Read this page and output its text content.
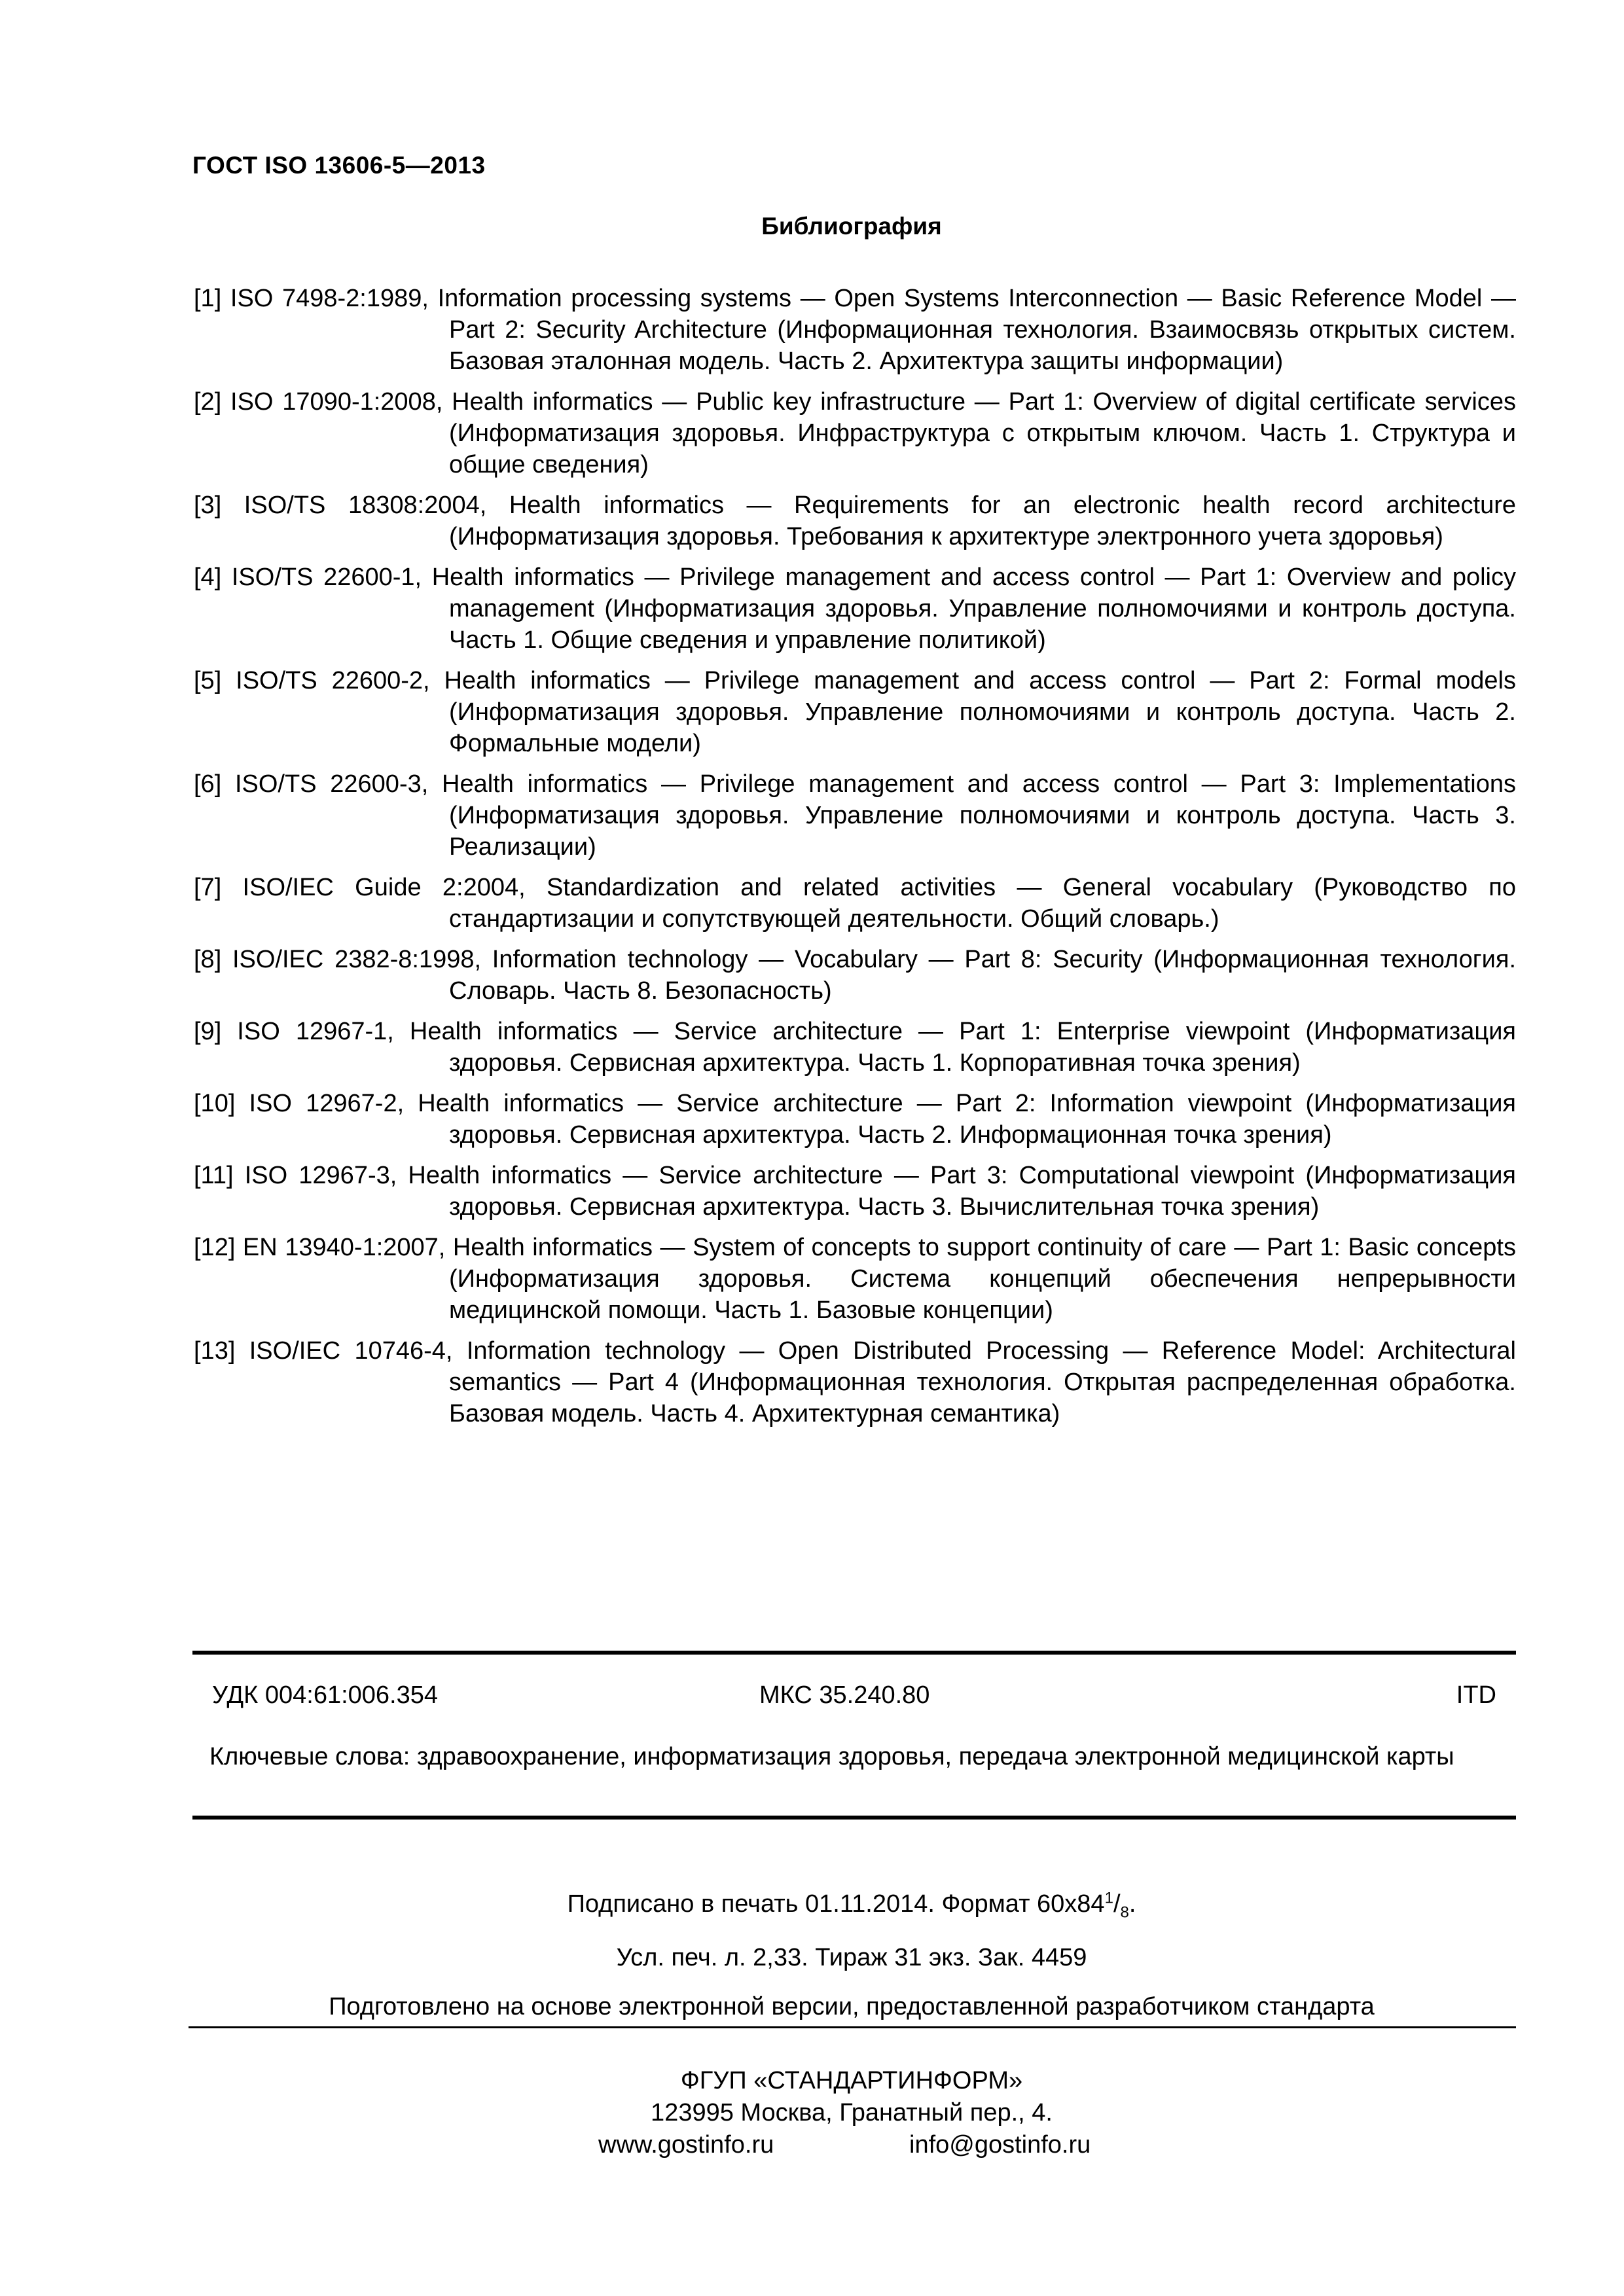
ГОСТ ISO 13606-5—2013
Библиография
[1] ISO 7498-2:1989, Information processing systems — Open Systems Interconnection — Basic Reference Model — Part 2: Security Architecture (Информационная технология. Взаимосвязь открытых систем. Базовая эталонная модель. Часть 2. Архитектура защиты информации)
[2] ISO 17090-1:2008, Health informatics — Public key infrastructure — Part 1: Overview of digital certificate services (Информатизация здоровья. Инфраструктура с открытым ключом. Часть 1. Структура и общие сведения)
[3] ISO/TS 18308:2004, Health informatics — Requirements for an electronic health record architecture (Информатизация здоровья. Требования к архитектуре электронного учета здоровья)
[4] ISO/TS 22600-1, Health informatics — Privilege management and access control — Part 1: Overview and policy management (Информатизация здоровья. Управление полномочиями и контроль доступа. Часть 1. Общие сведения и управление политикой)
[5] ISO/TS 22600-2, Health informatics — Privilege management and access control — Part 2: Formal models (Информатизация здоровья. Управление полномочиями и контроль доступа. Часть 2. Формальные модели)
[6] ISO/TS 22600-3, Health informatics — Privilege management and access control — Part 3: Implementations (Информатизация здоровья. Управление полномочиями и контроль доступа. Часть 3. Реализации)
[7] ISO/IEC Guide 2:2004, Standardization and related activities — General vocabulary (Руководство по стандартизации и сопутствующей деятельности. Общий словарь.)
[8] ISO/IEC 2382-8:1998, Information technology — Vocabulary — Part 8: Security (Информационная технология. Словарь. Часть 8. Безопасность)
[9] ISO 12967-1, Health informatics — Service architecture — Part 1: Enterprise viewpoint (Информатизация здоровья. Сервисная архитектура. Часть 1. Корпоративная точка зрения)
[10] ISO 12967-2, Health informatics — Service architecture — Part 2: Information viewpoint (Информатизация здоровья. Сервисная архитектура. Часть 2. Информационная точка зрения)
[11] ISO 12967-3, Health informatics — Service architecture — Part 3: Computational viewpoint (Информатизация здоровья. Сервисная архитектура. Часть 3. Вычислительная точка зрения)
[12] EN 13940-1:2007, Health informatics — System of concepts to support continuity of care — Part 1: Basic concepts (Информатизация здоровья. Система концепций обеспечения непрерывности медицинской помощи. Часть 1. Базовые концепции)
[13] ISO/IEC 10746-4, Information technology — Open Distributed Processing — Reference Model: Architectural semantics — Part 4 (Информационная технология. Открытая распределенная обработка. Базовая модель. Часть 4. Архитектурная семантика)
УДК 004:61:006.354	МКС 35.240.80	ITD
Ключевые слова: здравоохранение, информатизация здоровья, передача электронной медицинской карты
Подписано в печать 01.11.2014. Формат $60x84^1/_8$.
Усл. печ. л. 2,33. Тираж 31 экз. Зак. 4459
Подготовлено на основе электронной версии, предоставленной разработчиком стандарта
ФГУП «СТАНДАРТИНФОРМ»
123995 Москва, Гранатный пер., 4.
www.gostinfo.ru	info@gostinfo.ru
